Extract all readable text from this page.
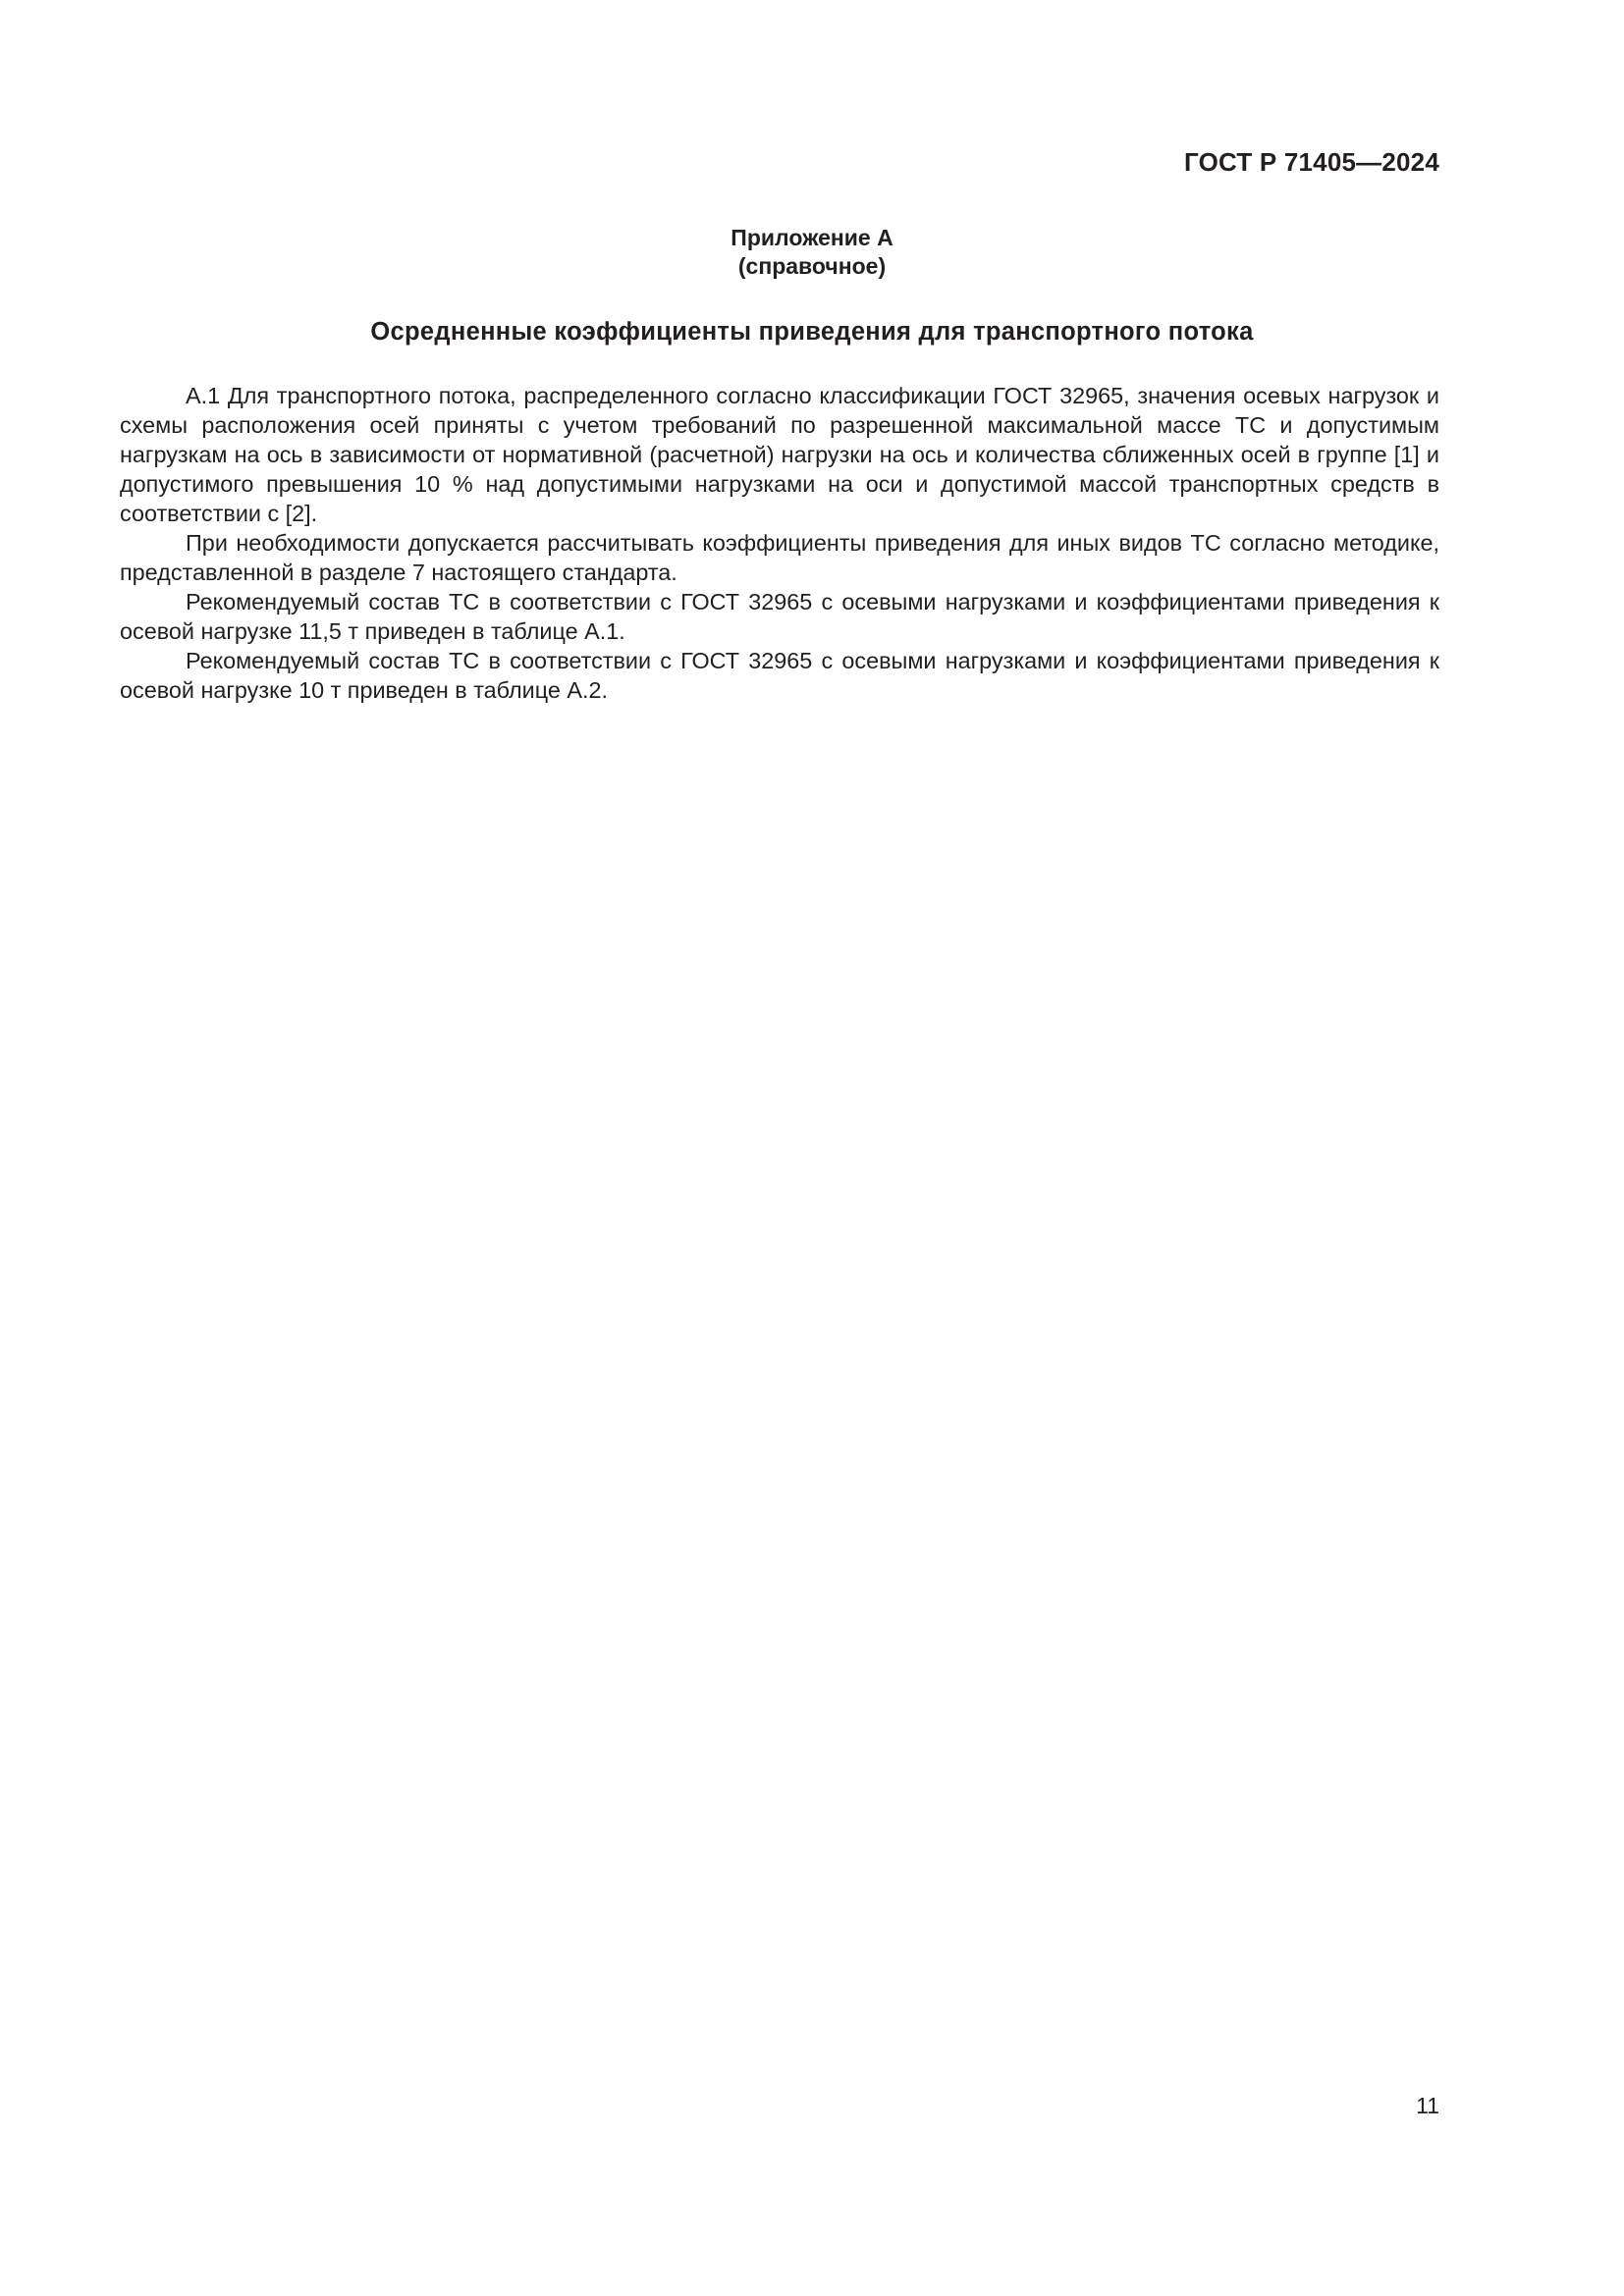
ГОСТ Р 71405—2024
Приложение А
(справочное)
Осредненные коэффициенты приведения для транспортного потока

А.1 Для транспортного потока, распределенного согласно классификации ГОСТ 32965, значения осевых нагрузок и схемы расположения осей приняты с учетом требований по разрешенной максимальной массе ТС и допустимым нагрузкам на ось в зависимости от нормативной (расчетной) нагрузки на ось и количества сближенных осей в группе [1] и допустимого превышения 10 % над допустимыми нагрузками на оси и допустимой массой транспортных средств в соответствии с [2].

При необходимости допускается рассчитывать коэффициенты приведения для иных видов ТС согласно методике, представленной в разделе 7 настоящего стандарта.

Рекомендуемый состав ТС в соответствии с ГОСТ 32965 с осевыми нагрузками и коэффициентами приведения к осевой нагрузке 11,5 т приведен в таблице А.1.

Рекомендуемый состав ТС в соответствии с ГОСТ 32965 с осевыми нагрузками и коэффициентами приведения к осевой нагрузке 10 т приведен в таблице А.2.

11
